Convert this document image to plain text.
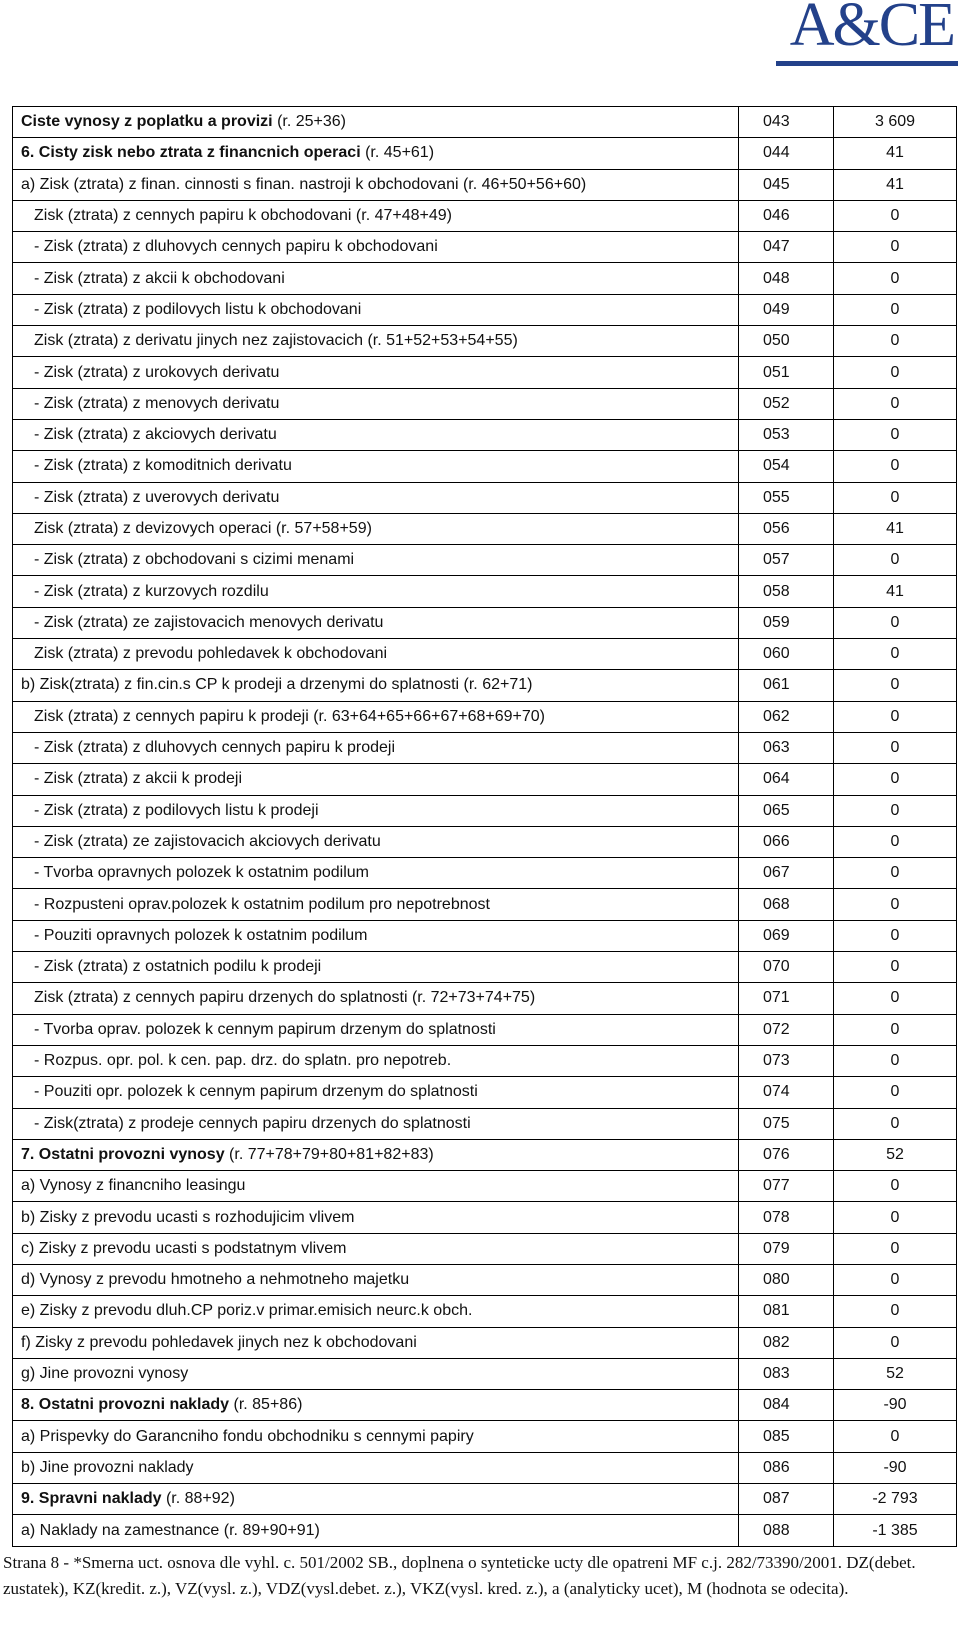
A&CE
Ciste vynosy z poplatku a provizi (r. 25+36)	043	3 609
6. Cisty zisk nebo ztrata z financnich operaci (r. 45+61)	044	41
a) Zisk (ztrata) z finan. cinnosti s finan. nastroji k obchodovani (r. 46+50+56+60)	045	41
Zisk (ztrata) z cennych papiru k obchodovani (r. 47+48+49)	046	0
- Zisk (ztrata) z dluhovych cennych papiru k obchodovani	047	0
- Zisk (ztrata) z akcii k obchodovani	048	0
- Zisk (ztrata) z podilovych listu k obchodovani	049	0
Zisk (ztrata) z derivatu jinych nez zajistovacich (r. 51+52+53+54+55)	050	0
- Zisk (ztrata) z urokovych derivatu	051	0
- Zisk (ztrata) z menovych derivatu	052	0
- Zisk (ztrata) z akciovych derivatu	053	0
- Zisk (ztrata) z komoditnich derivatu	054	0
- Zisk (ztrata) z uverovych derivatu	055	0
Zisk (ztrata) z devizovych operaci (r. 57+58+59)	056	41
- Zisk (ztrata) z obchodovani s cizimi menami	057	0
- Zisk (ztrata) z kurzovych rozdilu	058	41
- Zisk (ztrata) ze zajistovacich menovych derivatu	059	0
Zisk (ztrata) z prevodu pohledavek k obchodovani	060	0
b) Zisk(ztrata) z fin.cin.s CP k prodeji a drzenymi do splatnosti (r. 62+71)	061	0
Zisk (ztrata) z cennych papiru k prodeji (r. 63+64+65+66+67+68+69+70)	062	0
- Zisk (ztrata) z dluhovych cennych papiru k prodeji	063	0
- Zisk (ztrata) z akcii k prodeji	064	0
- Zisk (ztrata) z podilovych listu k prodeji	065	0
- Zisk (ztrata) ze zajistovacich akciovych derivatu	066	0
- Tvorba opravnych polozek k ostatnim podilum	067	0
- Rozpusteni oprav.polozek k ostatnim podilum pro nepotrebnost	068	0
- Pouziti opravnych polozek k ostatnim podilum	069	0
- Zisk (ztrata) z ostatnich podilu k prodeji	070	0
Zisk (ztrata) z cennych papiru drzenych do splatnosti (r. 72+73+74+75)	071	0
- Tvorba oprav. polozek k cennym papirum drzenym do splatnosti	072	0
- Rozpus. opr. pol. k cen. pap. drz. do splatn. pro nepotreb.	073	0
- Pouziti opr. polozek k cennym papirum drzenym do splatnosti	074	0
- Zisk(ztrata) z prodeje cennych papiru drzenych do splatnosti	075	0
7. Ostatni provozni vynosy (r. 77+78+79+80+81+82+83)	076	52
a) Vynosy z financniho leasingu	077	0
b) Zisky z prevodu ucasti s rozhodujicim vlivem	078	0
c) Zisky z prevodu ucasti s podstatnym vlivem	079	0
d) Vynosy z prevodu hmotneho a nehmotneho majetku	080	0
e) Zisky z prevodu dluh.CP poriz.v primar.emisich neurc.k obch.	081	0
f) Zisky z prevodu pohledavek jinych nez k obchodovani	082	0
g) Jine provozni vynosy	083	52
8. Ostatni provozni naklady (r. 85+86)	084	-90
a) Prispevky do Garancniho fondu obchodniku s cennymi papiry	085	0
b) Jine provozni naklady	086	-90
9. Spravni naklady (r. 88+92)	087	-2 793
a) Naklady na zamestnance (r. 89+90+91)	088	-1 385
Strana 8 - *Smerna uct. osnova dle vyhl. c. 501/2002 SB., doplnena o synteticke ucty dle opatreni MF c.j. 282/73390/2001. DZ(debet. zustatek), KZ(kredit. z.), VZ(vysl. z.), VDZ(vysl.debet. z.), VKZ(vysl. kred. z.), a (analyticky ucet), M (hodnota se odecita).
